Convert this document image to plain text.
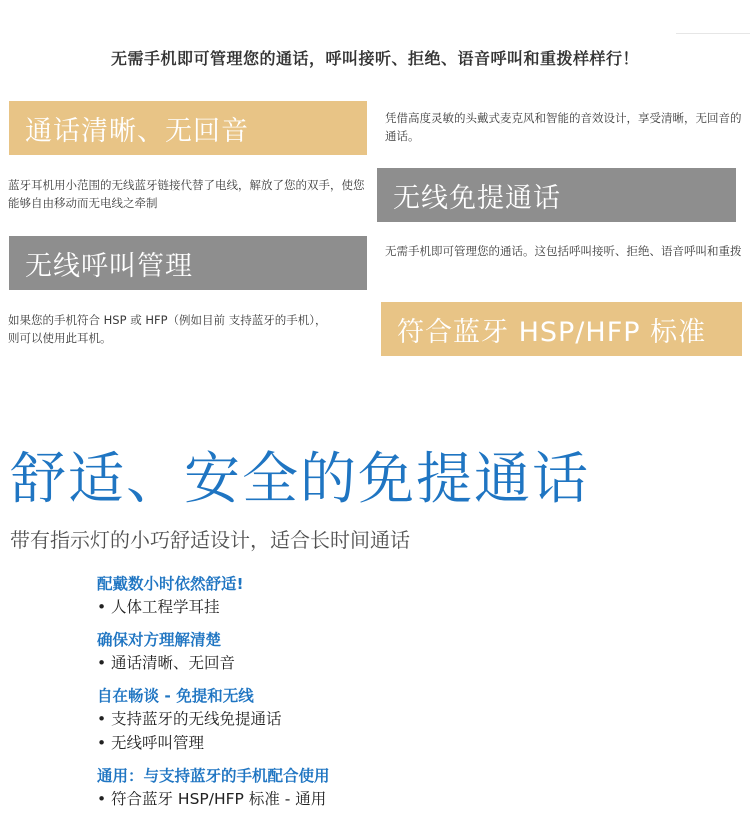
无需手机即可管理您的通话，呼叫接听、拒绝、语音呼叫和重拨样样行！
通话清晰、无回音	凭借高度灵敏的头戴式麦克风和智能的音效设计，享受清晰，无回音的通话。
蓝牙耳机用小范围的无线蓝牙链接代替了电线，解放了您的双手，使您能够自由移动而无电线之牵制	无线免提通话
无线呼叫管理	无需手机即可管理您的通话。这包括呼叫接听、拒绝、语音呼叫和重拨
如果您的手机符合 HSP 或 HFP（例如目前 支持蓝牙的手机），则可以使用此耳机。	符合蓝牙 HSP/HFP 标准
舒适、安全的免提通话
带有指示灯的小巧舒适设计，适合长时间通话
配戴数小时依然舒适!
• 人体工程学耳挂
确保对方理解清楚
• 通话清晰、无回音
自在畅谈 - 免提和无线
• 支持蓝牙的无线免提通话
• 无线呼叫管理
通用：与支持蓝牙的手机配合使用
• 符合蓝牙 HSP/HFP 标准 - 通用
